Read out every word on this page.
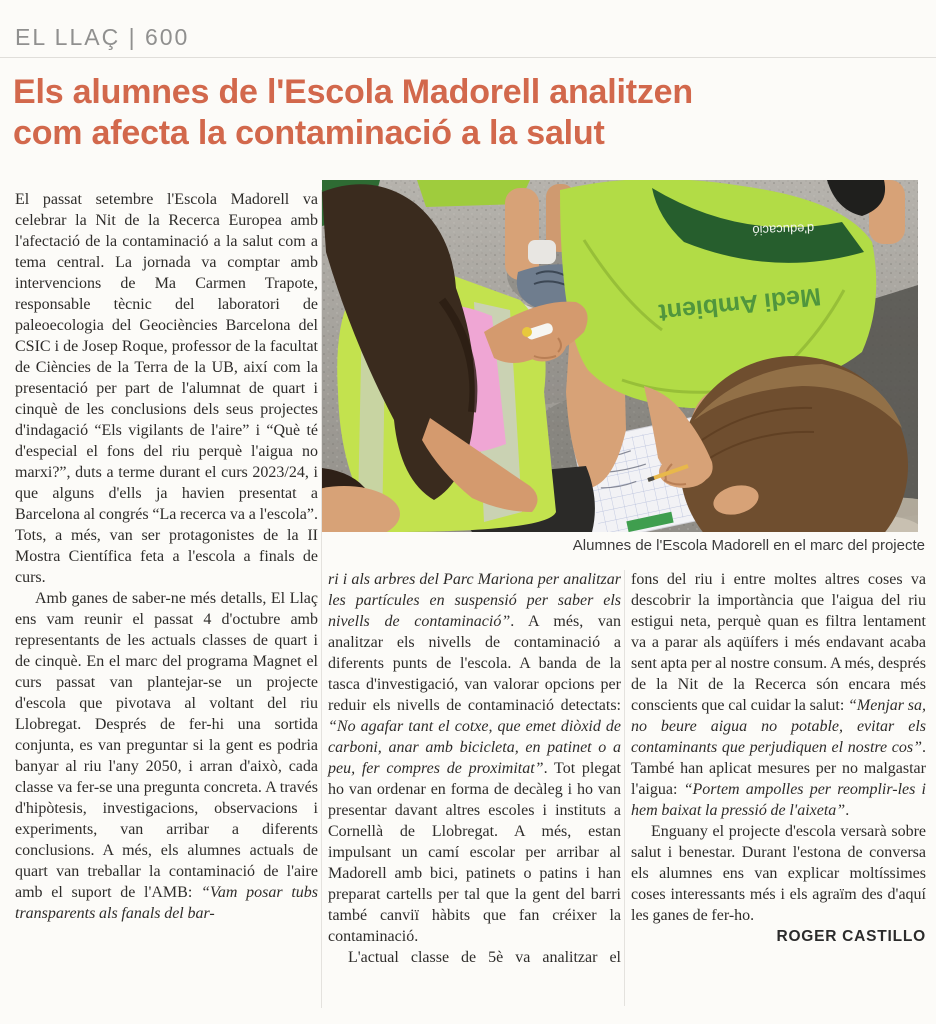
EL LLAÇ | 600
Els alumnes de l'Escola Madorell analitzen
com afecta la contaminació a la salut

El passat setembre l'Escola Madorell va celebrar la Nit de la Recerca Europea amb l'afectació de la contaminació a la salut com a tema central. La jornada va comptar amb intervencions de Ma Carmen Trapote, responsable tècnic del laboratori de paleoecologia del Geociències Barcelona del CSIC i de Josep Roque, professor de la facultat de Ciències de la Terra de la UB, així com la presentació per part de l'alumnat de quart i cinquè de les conclusions dels seus projectes d'indagació “Els vigilants de l'aire” i “Què té d'especial el fons del riu perquè l'aigua no marxi?”, duts a terme durant el curs 2023/24, i que alguns d'ells ja havien presentat a Barcelona al congrés “La recerca va a l'escola”. Tots, a més, van ser protagonistes de la II Mostra Científica feta a l'escola a finals de curs.

Amb ganes de saber-ne més detalls, El Llaç ens vam reunir el passat 4 d'octubre amb representants de les actuals classes de quart i de cinquè. En el marc del programa Magnet el curs passat van plantejar-se un projecte d'escola que pivotava al voltant del riu Llobregat. Després de fer-hi una sortida conjunta, es van preguntar si la gent es podria banyar al riu l'any 2050, i arran d'això, cada classe va fer-se una pregunta concreta. A través d'hipòtesis, investigacions, observacions i experiments, van arribar a diferents conclusions. A més, els alumnes actuals de quart van treballar la contaminació de l'aire amb el suport de l'AMB: “Vam posar tubs transparents als fanals del bar-

d'educació
Medi Ambient
Alumnes de l'Escola Madorell en el marc del projecte

ri i als arbres del Parc Mariona per analitzar les partícules en suspensió per saber els nivells de contaminació”. A més, van analitzar els nivells de contaminació a diferents punts de l'escola. A banda de la tasca d'investigació, van valorar opcions per reduir els nivells de contaminació detectats: “No agafar tant el cotxe, que emet diòxid de carboni, anar amb bicicleta, en patinet o a peu, fer compres de proximitat”. Tot plegat ho van ordenar en forma de decàleg i ho van presentar davant altres escoles i instituts a Cornellà de Llobregat. A més, estan impulsant un camí escolar per arribar al Madorell amb bici, patinets o patins i han preparat cartells per tal que la gent del barri també canviï hàbits que fan créixer la contaminació.

L'actual classe de 5è va analitzar el

fons del riu i entre moltes altres coses va descobrir la importància que l'aigua del riu estigui neta, perquè quan es filtra lentament va a parar als aqüífers i més endavant acaba sent apta per al nostre consum. A més, després de la Nit de la Recerca són encara més conscients que cal cuidar la salut: “Menjar sa, no beure aigua no potable, evitar els contaminants que perjudiquen el nostre cos”. També han aplicat mesures per no malgastar l'aigua: “Portem ampolles per reomplir-les i hem baixat la pressió de l'aixeta”.

Enguany el projecte d'escola versarà sobre salut i benestar. Durant l'estona de conversa els alumnes ens van explicar moltíssimes coses interessants més i els agraïm des d'aquí les ganes de fer-ho.

ROGER CASTILLO
